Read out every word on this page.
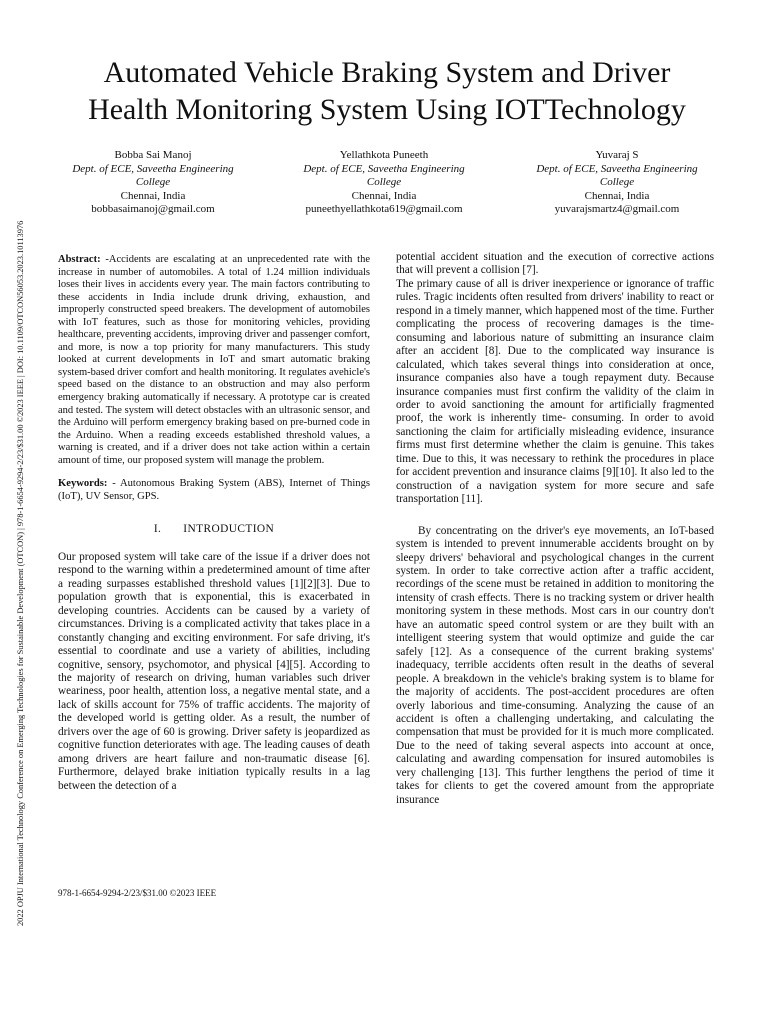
2022 OPJU International Technology Conference on Emerging Technologies for Sustainable Development (OTCON) | 978-1-6654-9294-2/23/$31.00 ©2023 IEEE | DOI: 10.1109/OTCON56053.2023.10113976
Automated Vehicle Braking System and Driver
Health Monitoring System Using IOTTechnology
Bobba Sai Manoj
Dept. of ECE, Saveetha Engineering
College
Chennai, India
bobbasaimanoj@gmail.com
Yellathkota Puneeth
Dept. of ECE, Saveetha Engineering
College
Chennai, India
puneethyellathkota619@gmail.com
Yuvaraj S
Dept. of ECE, Saveetha Engineering
College
Chennai, India
yuvarajsmartz4@gmail.com

Abstract: -Accidents are escalating at an unprecedented rate with the increase in number of automobiles. A total of 1.24 million individuals loses their lives in accidents every year. The main factors contributing to these accidents in India include drunk driving, exhaustion, and improperly constructed speed breakers. The development of automobiles with IoT features, such as those for monitoring vehicles, providing healthcare, preventing accidents, improving driver and passenger comfort, and more, is now a top priority for many manufacturers. This study looked at current developments in IoT and smart automatic braking system-based driver comfort and health monitoring. It regulates avehicle's speed based on the distance to an obstruction and may also perform emergency braking automatically if necessary. A prototype car is created and tested. The system will detect obstacles with an ultrasonic sensor, and the Arduino will perform emergency braking based on pre-burned code in the Arduino. When a reading exceeds established threshold values, a warning is created, and if a driver does not take action within a certain amount of time, our proposed system will manage the problem.

Keywords: - Autonomous Braking System (ABS), Internet of Things (IoT), UV Sensor, GPS.

I. INTRODUCTION

Our proposed system will take care of the issue if a driver does not respond to the warning within a predetermined amount of time after a reading surpasses established threshold values [1][2][3]. Due to population growth that is exponential, this is exacerbated in developing countries. Accidents can be caused by a variety of circumstances. Driving is a complicated activity that takes place in a constantly changing and exciting environment. For safe driving, it's essential to coordinate and use a variety of abilities, including cognitive, sensory, psychomotor, and physical [4][5]. According to the majority of research on driving, human variables such driver weariness, poor health, attention loss, a negative mental state, and a lack of skills account for 75% of traffic accidents. The majority of the developed world is getting older. As a result, the number of drivers over the age of 60 is growing. Driver safety is jeopardized as cognitive function deteriorates with age. The leading causes of death among drivers are heart failure and non-traumatic disease [6]. Furthermore, delayed brake initiation typically results in a lag between the detection of a

potential accident situation and the execution of corrective actions that will prevent a collision [7].

The primary cause of all is driver inexperience or ignorance of traffic rules. Tragic incidents often resulted from drivers' inability to react or respond in a timely manner, which happened most of the time. Further complicating the process of recovering damages is the time-consuming and laborious nature of submitting an insurance claim after an accident [8]. Due to the complicated way insurance is calculated, which takes several things into consideration at once, insurance companies also have a tough repayment duty. Because insurance companies must first confirm the validity of the claim in order to avoid sanctioning the amount for artificially fragmented proof, the work is inherently time- consuming. In order to avoid sanctioning the claim for artificially misleading evidence, insurance firms must first determine whether the claim is genuine. This takes time. Due to this, it was necessary to rethink the procedures in place for accident prevention and insurance claims [9][10]. It also led to the construction of a navigation system for more secure and safe transportation [11].

By concentrating on the driver's eye movements, an IoT-based system is intended to prevent innumerable accidents brought on by sleepy drivers' behavioral and psychological changes in the current system. In order to take corrective action after a traffic accident, recordings of the scene must be retained in addition to monitoring the intensity of crash effects. There is no tracking system or driver health monitoring system in these methods. Most cars in our country don't have an automatic speed control system or are they built with an intelligent steering system that would optimize and guide the car safely [12]. As a consequence of the current braking systems' inadequacy, terrible accidents often result in the deaths of several people. A breakdown in the vehicle's braking system is to blame for the majority of accidents. The post-accident procedures are often overly laborious and time-consuming. Analyzing the cause of an accident is often a challenging undertaking, and calculating the compensation that must be provided for it is much more complicated. Due to the need of taking several aspects into account at once, calculating and awarding compensation for insured automobiles is very challenging [13]. This further lengthens the period of time it takes for clients to get the covered amount from the appropriate insurance

978-1-6654-9294-2/23/$31.00 ©2023 IEEE
